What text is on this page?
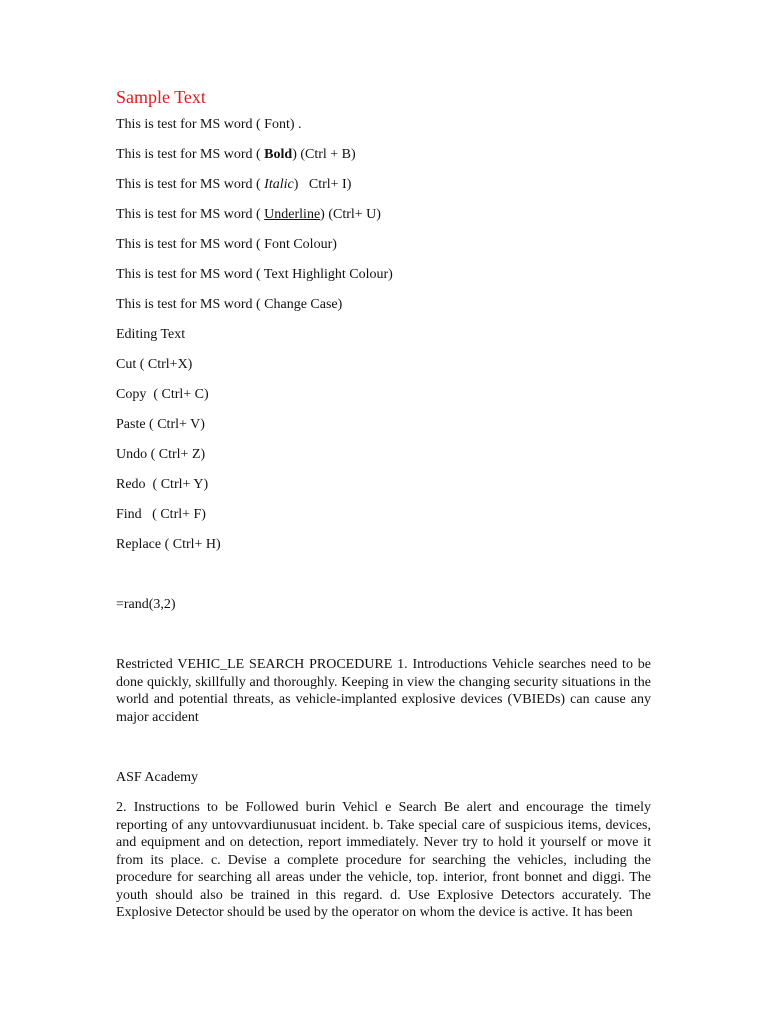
Sample Text
This is test for MS word ( Font) .
This is test for MS word ( Bold) (Ctrl + B)
This is test for MS word ( Italic)   Ctrl+ I)
This is test for MS word ( Underline) (Ctrl+ U)
This is test for MS word ( Font Colour)
This is test for MS word ( Text Highlight Colour)
This is test for MS word ( Change Case)
Editing Text
Cut ( Ctrl+X)
Copy  ( Ctrl+ C)
Paste ( Ctrl+ V)
Undo ( Ctrl+ Z)
Redo  ( Ctrl+ Y)
Find   ( Ctrl+ F)
Replace ( Ctrl+ H)
=rand(3,2)

Restricted VEHIC_LE SEARCH PROCEDURE 1. Introductions Vehicle searches need to be done quickly, skillfully and thoroughly. Keeping in view the changing security situations in the world and potential threats, as vehicle-implanted explosive devices (VBIEDs) can cause any major accident

ASF Academy

2. Instructions to be Followed burin Vehicl e Search Be alert and encourage the timely reporting of any untovvardiunusuat incident. b. Take special care of suspicious items, devices, and equipment and on detection, report immediately. Never try to hold it yourself or move it from its place. c. Devise a complete procedure for searching the vehicles, including the procedure for searching all areas under the vehicle, top. interior, front bonnet and diggi. The youth should also be trained in this regard. d. Use Explosive Detectors accurately. The Explosive Detector should be used by the operator on whom the device is active. It has been
